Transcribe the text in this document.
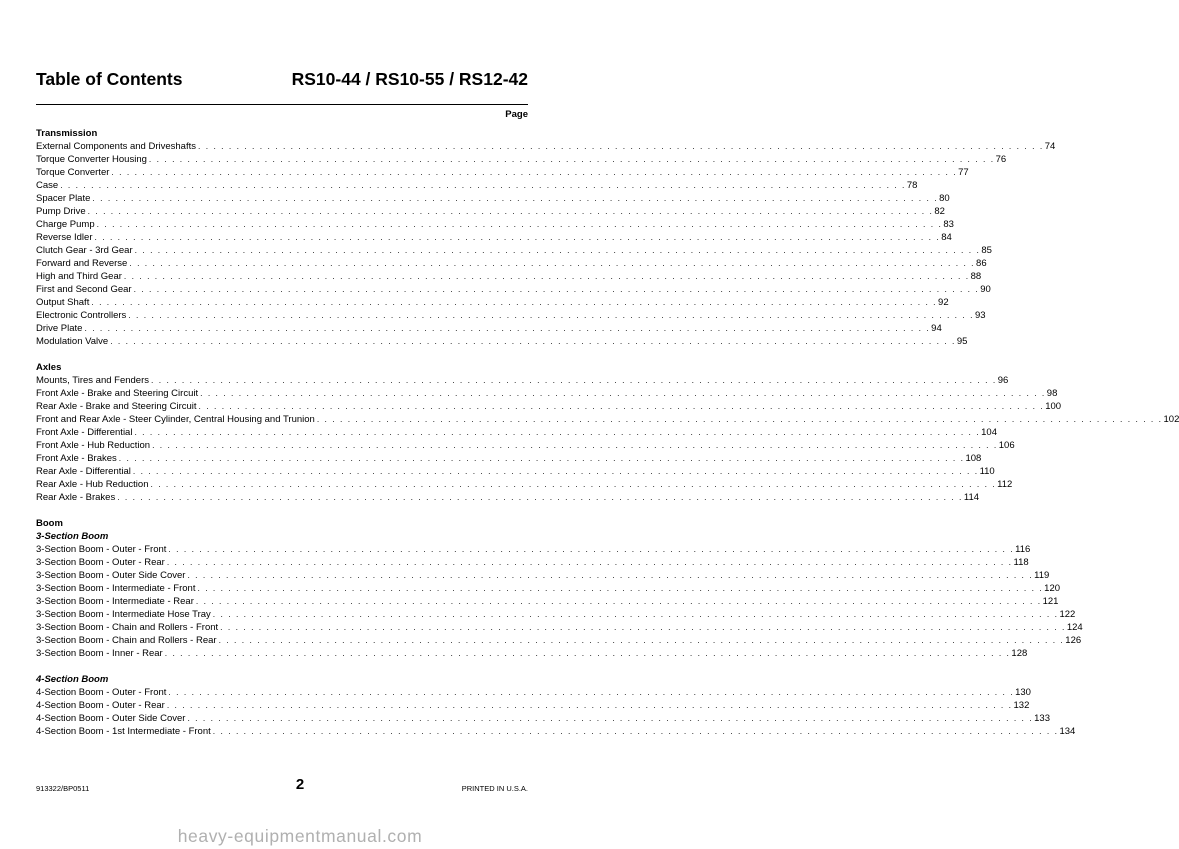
Table of Contents	RS10-44 / RS10-55 / RS12-42
Page
Transmission
External Components and Driveshafts . . . . . . . . . . . . . . . . . . . . . . . . . . . . . . . . . . . . . . . . . . . . . . . . . . . . . . . . . . . . . . . . . . . . . . . . . . . . . . . . . . . . . . . . . . . . . . . . . . . . . . . . . . . . . . 74
Torque Converter Housing . . . . . . . . . . . . . . . . . . . . . . . . . . . . . . . . . . . . . . . . . . . . . . . . . . . . . . . . . . . . . . . . . . . . . . . . . . . . . . . . . . . . . . . . . . . . . . . . . . . . . . . . . . . . . . 76
Torque Converter . . . . . . . . . . . . . . . . . . . . . . . . . . . . . . . . . . . . . . . . . . . . . . . . . . . . . . . . . . . . . . . . . . . . . . . . . . . . . . . . . . . . . . . . . . . . . . . . . . . . . . . . . . . . . . 77
Case . . . . . . . . . . . . . . . . . . . . . . . . . . . . . . . . . . . . . . . . . . . . . . . . . . . . . . . . . . . . . . . . . . . . . . . . . . . . . . . . . . . . . . . . . . . . . . . . . . . . . . . . . . . . . . 78
Spacer Plate . . . . . . . . . . . . . . . . . . . . . . . . . . . . . . . . . . . . . . . . . . . . . . . . . . . . . . . . . . . . . . . . . . . . . . . . . . . . . . . . . . . . . . . . . . . . . . . . . . . . . . . . . . . . . . 80
Pump Drive . . . . . . . . . . . . . . . . . . . . . . . . . . . . . . . . . . . . . . . . . . . . . . . . . . . . . . . . . . . . . . . . . . . . . . . . . . . . . . . . . . . . . . . . . . . . . . . . . . . . . . . . . . . . . . 82
Charge Pump . . . . . . . . . . . . . . . . . . . . . . . . . . . . . . . . . . . . . . . . . . . . . . . . . . . . . . . . . . . . . . . . . . . . . . . . . . . . . . . . . . . . . . . . . . . . . . . . . . . . . . . . . . . . . . 83
Reverse Idler . . . . . . . . . . . . . . . . . . . . . . . . . . . . . . . . . . . . . . . . . . . . . . . . . . . . . . . . . . . . . . . . . . . . . . . . . . . . . . . . . . . . . . . . . . . . . . . . . . . . . . . . . . . . . . 84
Clutch Gear - 3rd Gear . . . . . . . . . . . . . . . . . . . . . . . . . . . . . . . . . . . . . . . . . . . . . . . . . . . . . . . . . . . . . . . . . . . . . . . . . . . . . . . . . . . . . . . . . . . . . . . . . . . . . . . . . . . . . . 85
Forward and Reverse . . . . . . . . . . . . . . . . . . . . . . . . . . . . . . . . . . . . . . . . . . . . . . . . . . . . . . . . . . . . . . . . . . . . . . . . . . . . . . . . . . . . . . . . . . . . . . . . . . . . . . . . . . . . . . 86
High and Third Gear . . . . . . . . . . . . . . . . . . . . . . . . . . . . . . . . . . . . . . . . . . . . . . . . . . . . . . . . . . . . . . . . . . . . . . . . . . . . . . . . . . . . . . . . . . . . . . . . . . . . . . . . . . . . . . 88
First and Second Gear . . . . . . . . . . . . . . . . . . . . . . . . . . . . . . . . . . . . . . . . . . . . . . . . . . . . . . . . . . . . . . . . . . . . . . . . . . . . . . . . . . . . . . . . . . . . . . . . . . . . . . . . . . . . . . 90
Output Shaft . . . . . . . . . . . . . . . . . . . . . . . . . . . . . . . . . . . . . . . . . . . . . . . . . . . . . . . . . . . . . . . . . . . . . . . . . . . . . . . . . . . . . . . . . . . . . . . . . . . . . . . . . . . . . . 92
Electronic Controllers . . . . . . . . . . . . . . . . . . . . . . . . . . . . . . . . . . . . . . . . . . . . . . . . . . . . . . . . . . . . . . . . . . . . . . . . . . . . . . . . . . . . . . . . . . . . . . . . . . . . . . . . . . . . . . 93
Drive Plate . . . . . . . . . . . . . . . . . . . . . . . . . . . . . . . . . . . . . . . . . . . . . . . . . . . . . . . . . . . . . . . . . . . . . . . . . . . . . . . . . . . . . . . . . . . . . . . . . . . . . . . . . . . . . . 94
Modulation Valve . . . . . . . . . . . . . . . . . . . . . . . . . . . . . . . . . . . . . . . . . . . . . . . . . . . . . . . . . . . . . . . . . . . . . . . . . . . . . . . . . . . . . . . . . . . . . . . . . . . . . . . . . . . . . . 95
Axles
Mounts, Tires and Fenders . . . . . . . . . . . . . . . . . . . . . . . . . . . . . . . . . . . . . . . . . . . . . . . . . . . . . . . . . . . . . . . . . . . . . . . . . . . . . . . . . . . . . . . . . . . . . . . . . . . . . . . . . . . . . . 96
Front Axle - Brake and Steering Circuit . . . . . . . . . . . . . . . . . . . . . . . . . . . . . . . . . . . . . . . . . . . . . . . . . . . . . . . . . . . . . . . . . . . . . . . . . . . . . . . . . . . . . . . . . . . . . . . . . . . . . . . . . . . . . . 98
Rear Axle - Brake and Steering Circuit . . . . . . . . . . . . . . . . . . . . . . . . . . . . . . . . . . . . . . . . . . . . . . . . . . . . . . . . . . . . . . . . . . . . . . . . . . . . . . . . . . . . . . . . . . . . . . . . . . . . . . . . . . . . . . 100
Front and Rear Axle - Steer Cylinder, Central Housing and Trunion . . . . . . . . . . . . . . . . . . . . . . . . . . . . . . . . . . . . . . . . . . . . . . . . . . . . . . . . . . . . . . . . . . . . . . . . . . . . . . . . . . . . . . . . . . . . . . . . . . . . . . . . . . . . . . 102
Front Axle - Differential . . . . . . . . . . . . . . . . . . . . . . . . . . . . . . . . . . . . . . . . . . . . . . . . . . . . . . . . . . . . . . . . . . . . . . . . . . . . . . . . . . . . . . . . . . . . . . . . . . . . . . . . . . . . . . 104
Front Axle - Hub Reduction . . . . . . . . . . . . . . . . . . . . . . . . . . . . . . . . . . . . . . . . . . . . . . . . . . . . . . . . . . . . . . . . . . . . . . . . . . . . . . . . . . . . . . . . . . . . . . . . . . . . . . . . . . . . . . 106
Front Axle - Brakes . . . . . . . . . . . . . . . . . . . . . . . . . . . . . . . . . . . . . . . . . . . . . . . . . . . . . . . . . . . . . . . . . . . . . . . . . . . . . . . . . . . . . . . . . . . . . . . . . . . . . . . . . . . . . . 108
Rear Axle - Differential . . . . . . . . . . . . . . . . . . . . . . . . . . . . . . . . . . . . . . . . . . . . . . . . . . . . . . . . . . . . . . . . . . . . . . . . . . . . . . . . . . . . . . . . . . . . . . . . . . . . . . . . . . . . . . 110
Rear Axle - Hub Reduction . . . . . . . . . . . . . . . . . . . . . . . . . . . . . . . . . . . . . . . . . . . . . . . . . . . . . . . . . . . . . . . . . . . . . . . . . . . . . . . . . . . . . . . . . . . . . . . . . . . . . . . . . . . . . . 112
Rear Axle - Brakes . . . . . . . . . . . . . . . . . . . . . . . . . . . . . . . . . . . . . . . . . . . . . . . . . . . . . . . . . . . . . . . . . . . . . . . . . . . . . . . . . . . . . . . . . . . . . . . . . . . . . . . . . . . . . . 114
Boom
3-Section Boom
3-Section Boom - Outer - Front . . . . . . . . . . . . . . . . . . . . . . . . . . . . . . . . . . . . . . . . . . . . . . . . . . . . . . . . . . . . . . . . . . . . . . . . . . . . . . . . . . . . . . . . . . . . . . . . . . . . . . . . . . . . . . 116
3-Section Boom - Outer - Rear . . . . . . . . . . . . . . . . . . . . . . . . . . . . . . . . . . . . . . . . . . . . . . . . . . . . . . . . . . . . . . . . . . . . . . . . . . . . . . . . . . . . . . . . . . . . . . . . . . . . . . . . . . . . . . 118
3-Section Boom - Outer Side Cover . . . . . . . . . . . . . . . . . . . . . . . . . . . . . . . . . . . . . . . . . . . . . . . . . . . . . . . . . . . . . . . . . . . . . . . . . . . . . . . . . . . . . . . . . . . . . . . . . . . . . . . . . . . . . . 119
3-Section Boom - Intermediate - Front . . . . . . . . . . . . . . . . . . . . . . . . . . . . . . . . . . . . . . . . . . . . . . . . . . . . . . . . . . . . . . . . . . . . . . . . . . . . . . . . . . . . . . . . . . . . . . . . . . . . . . . . . . . . . . 120
3-Section Boom - Intermediate - Rear . . . . . . . . . . . . . . . . . . . . . . . . . . . . . . . . . . . . . . . . . . . . . . . . . . . . . . . . . . . . . . . . . . . . . . . . . . . . . . . . . . . . . . . . . . . . . . . . . . . . . . . . . . . . . . 121
3-Section Boom - Intermediate Hose Tray . . . . . . . . . . . . . . . . . . . . . . . . . . . . . . . . . . . . . . . . . . . . . . . . . . . . . . . . . . . . . . . . . . . . . . . . . . . . . . . . . . . . . . . . . . . . . . . . . . . . . . . . . . . . . . 122
3-Section Boom - Chain and Rollers - Front . . . . . . . . . . . . . . . . . . . . . . . . . . . . . . . . . . . . . . . . . . . . . . . . . . . . . . . . . . . . . . . . . . . . . . . . . . . . . . . . . . . . . . . . . . . . . . . . . . . . . . . . . . . . . . 124
3-Section Boom - Chain and Rollers - Rear . . . . . . . . . . . . . . . . . . . . . . . . . . . . . . . . . . . . . . . . . . . . . . . . . . . . . . . . . . . . . . . . . . . . . . . . . . . . . . . . . . . . . . . . . . . . . . . . . . . . . . . . . . . . . . 126
3-Section Boom - Inner - Rear . . . . . . . . . . . . . . . . . . . . . . . . . . . . . . . . . . . . . . . . . . . . . . . . . . . . . . . . . . . . . . . . . . . . . . . . . . . . . . . . . . . . . . . . . . . . . . . . . . . . . . . . . . . . . . 128
4-Section Boom
4-Section Boom - Outer - Front . . . . . . . . . . . . . . . . . . . . . . . . . . . . . . . . . . . . . . . . . . . . . . . . . . . . . . . . . . . . . . . . . . . . . . . . . . . . . . . . . . . . . . . . . . . . . . . . . . . . . . . . . . . . . . 130
4-Section Boom - Outer - Rear . . . . . . . . . . . . . . . . . . . . . . . . . . . . . . . . . . . . . . . . . . . . . . . . . . . . . . . . . . . . . . . . . . . . . . . . . . . . . . . . . . . . . . . . . . . . . . . . . . . . . . . . . . . . . . 132
4-Section Boom - Outer Side Cover . . . . . . . . . . . . . . . . . . . . . . . . . . . . . . . . . . . . . . . . . . . . . . . . . . . . . . . . . . . . . . . . . . . . . . . . . . . . . . . . . . . . . . . . . . . . . . . . . . . . . . . . . . . . . . 133
4-Section Boom - 1st Intermediate - Front . . . . . . . . . . . . . . . . . . . . . . . . . . . . . . . . . . . . . . . . . . . . . . . . . . . . . . . . . . . . . . . . . . . . . . . . . . . . . . . . . . . . . . . . . . . . . . . . . . . . . . . . . . . . . . 134
913322/BP0511	2	PRINTED IN U.S.A.
heavy-equipmentmanual.com
